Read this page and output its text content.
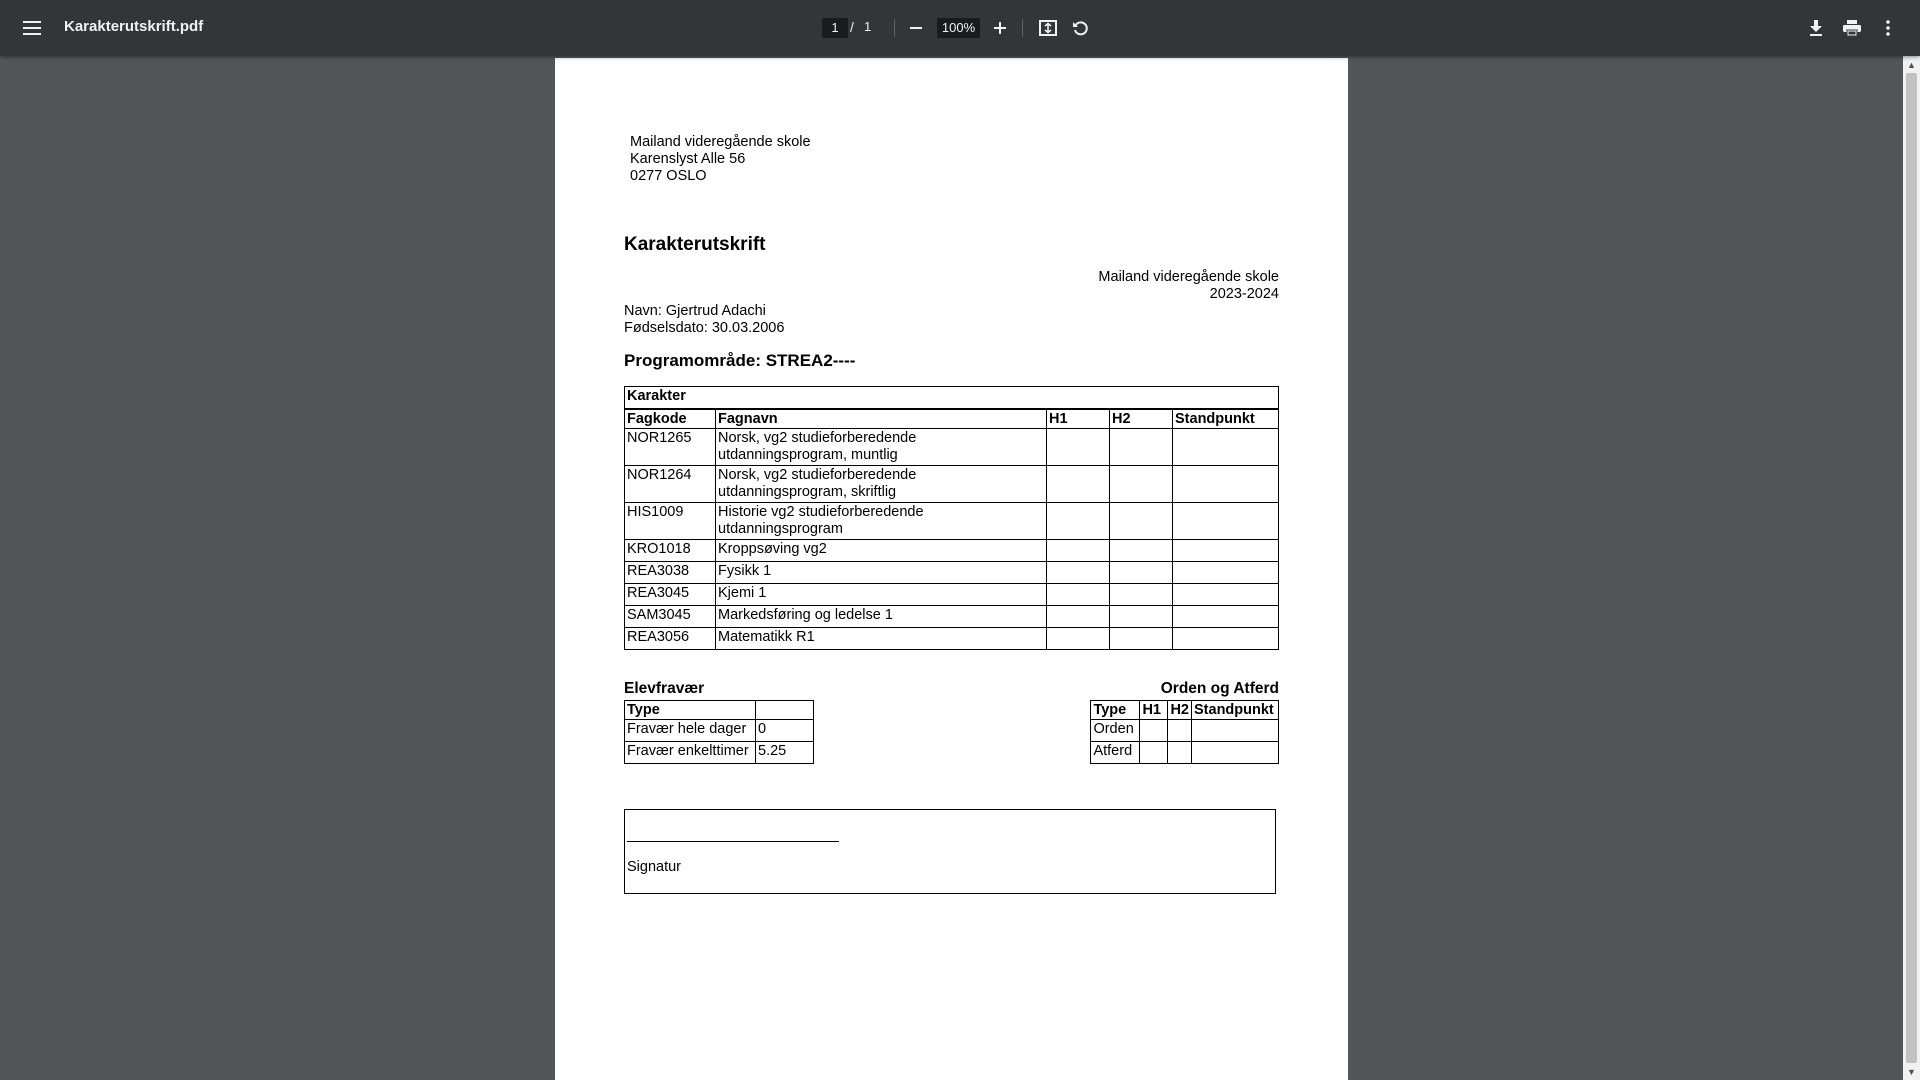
Karakterutskrift.pdf	1 / 1	100%
▲
▼
Mailand videregående skole
Karenslyst Alle 56
0277 OSLO
Karakterutskrift
Mailand videregående skole
2023-2024
Navn: Gjertrud Adachi
Fødselsdato: 30.03.2006
Programområde: STREA2----
Karakter				
Fagkode	Fagnavn	H1	H2	Standpunkt
NOR1265	Norsk, vg2 studieforberedende utdanningsprogram, muntlig			
NOR1264	Norsk, vg2 studieforberedende utdanningsprogram, skriftlig			
HIS1009	Historie vg2 studieforberedende utdanningsprogram			
KRO1018	Kroppsøving vg2			
REA3038	Fysikk 1			
REA3045	Kjemi 1			
SAM3045	Markedsføring og ledelse 1			
REA3056	Matematikk R1			
Elevfravær
Type	
Fravær hele dager	0
Fravær enkelttimer	5.25
Orden og Atferd
Type	H1	H2	Standpunkt
Orden			
Atferd			
Signatur
